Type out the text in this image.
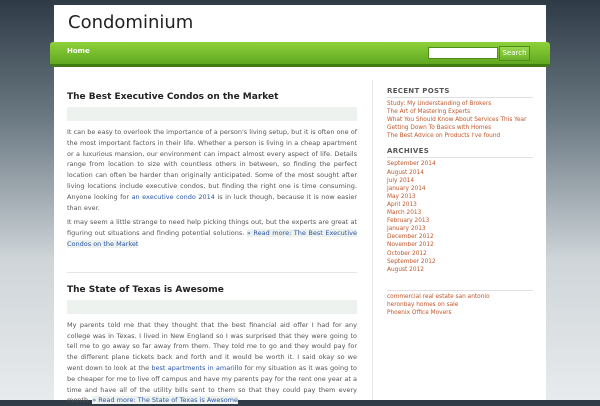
Condominium
Home	Search
The Best Executive Condos on the Market

It can be easy to overlook the importance of a person's living setup, but it is often one of the most important factors in their life. Whether a person is living in a cheap apartment or a luxurious mansion, our environment can impact almost every aspect of life. Details range from location to size with countless others in between, so finding the perfect location can often be harder than originally anticipated. Some of the most sought after living locations include executive condos, but finding the right one is time consuming. Anyone looking for an executive condo 2014 is in luck though, because it is now easier than ever.

It may seem a little strange to need help picking things out, but the experts are great at figuring out situations and finding potential solutions. » Read more: The Best Executive Condos on the Market

The State of Texas is Awesome

My parents told me that they thought that the best financial aid offer I had for any college was in Texas. I lived in New England so I was surprised that they were going to tell me to go away so far away from them. They told me to go and they would pay for the different plane tickets back and forth and it would be worth it. I said okay so we went down to look at the best apartments in amarillo for my situation as it was going to be cheaper for me to live off campus and have my parents pay for the rent one year at a time and have all of the utility bills sent to them so that they could pay them every month. » Read more: The State of Texas is Awesome

RECENT POSTS
Study: My Understanding of Brokers
The Art of Mastering Experts
What You Should Know About Services This Year
Getting Down To Basics with Homes
The Best Advice on Products I've found
ARCHIVES
September 2014
August 2014
July 2014
January 2014
May 2013
April 2013
March 2013
February 2013
January 2013
December 2012
November 2012
October 2012
September 2012
August 2012
commercial real estate san antonio
heronbay homes on sale
Phoenix Office Movers
